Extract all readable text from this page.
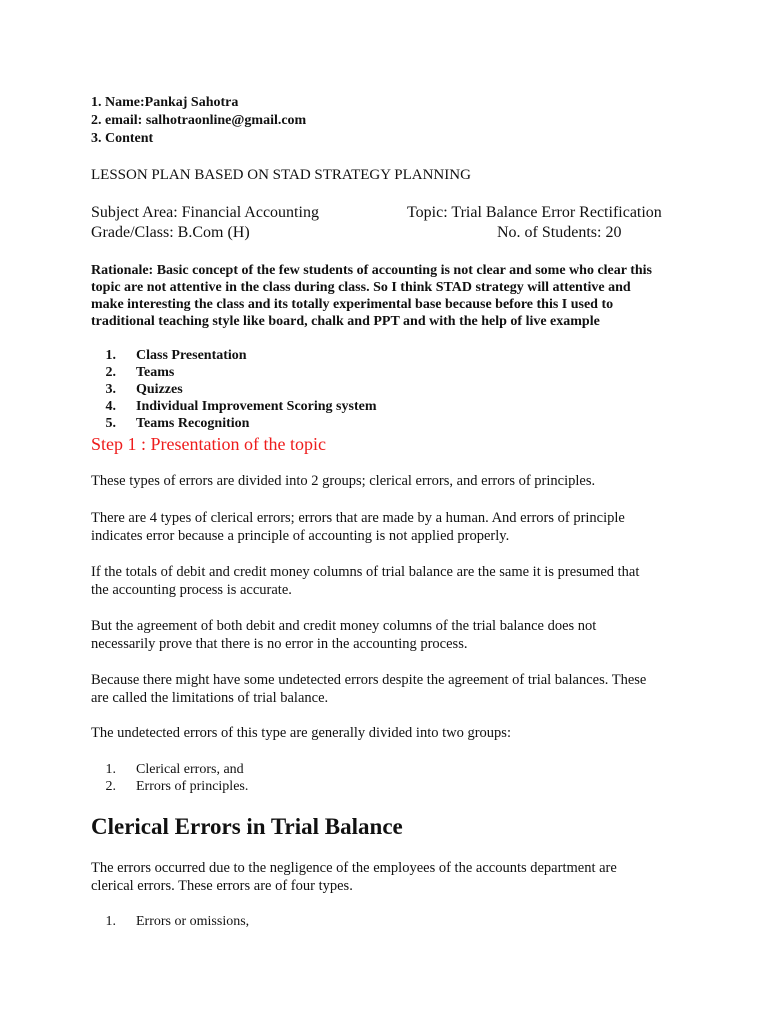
1. Name:Pankaj Sahotra
2. email: salhotraonline@gmail.com
3. Content
LESSON PLAN BASED ON STAD STRATEGY PLANNING
Subject Area: Financial Accounting	Topic: Trial Balance Error Rectification
Grade/Class: B.Com (H)	No. of Students: 20
Rationale: Basic concept of the few students of accounting is not clear and some who clear this
topic are not attentive in the class during class. So I think STAD strategy will attentive and
make interesting the class and its totally experimental base because before this I used to
traditional teaching style like board, chalk and PPT and with the help of live example
1. Class Presentation
2. Teams
3. Quizzes
4. Individual Improvement Scoring system
5. Teams Recognition
Step 1 : Presentation of the topic
These types of errors are divided into 2 groups; clerical errors, and errors of principles.
There are 4 types of clerical errors; errors that are made by a human. And errors of principle
indicates error because a principle of accounting is not applied properly.
If the totals of debit and credit money columns of trial balance are the same it is presumed that
the accounting process is accurate.
But the agreement of both debit and credit money columns of the trial balance does not
necessarily prove that there is no error in the accounting process.
Because there might have some undetected errors despite the agreement of trial balances. These
are called the limitations of trial balance.
The undetected errors of this type are generally divided into two groups:
1. Clerical errors, and
2. Errors of principles.
Clerical Errors in Trial Balance
The errors occurred due to the negligence of the employees of the accounts department are
clerical errors. These errors are of four types.
1. Errors or omissions,
